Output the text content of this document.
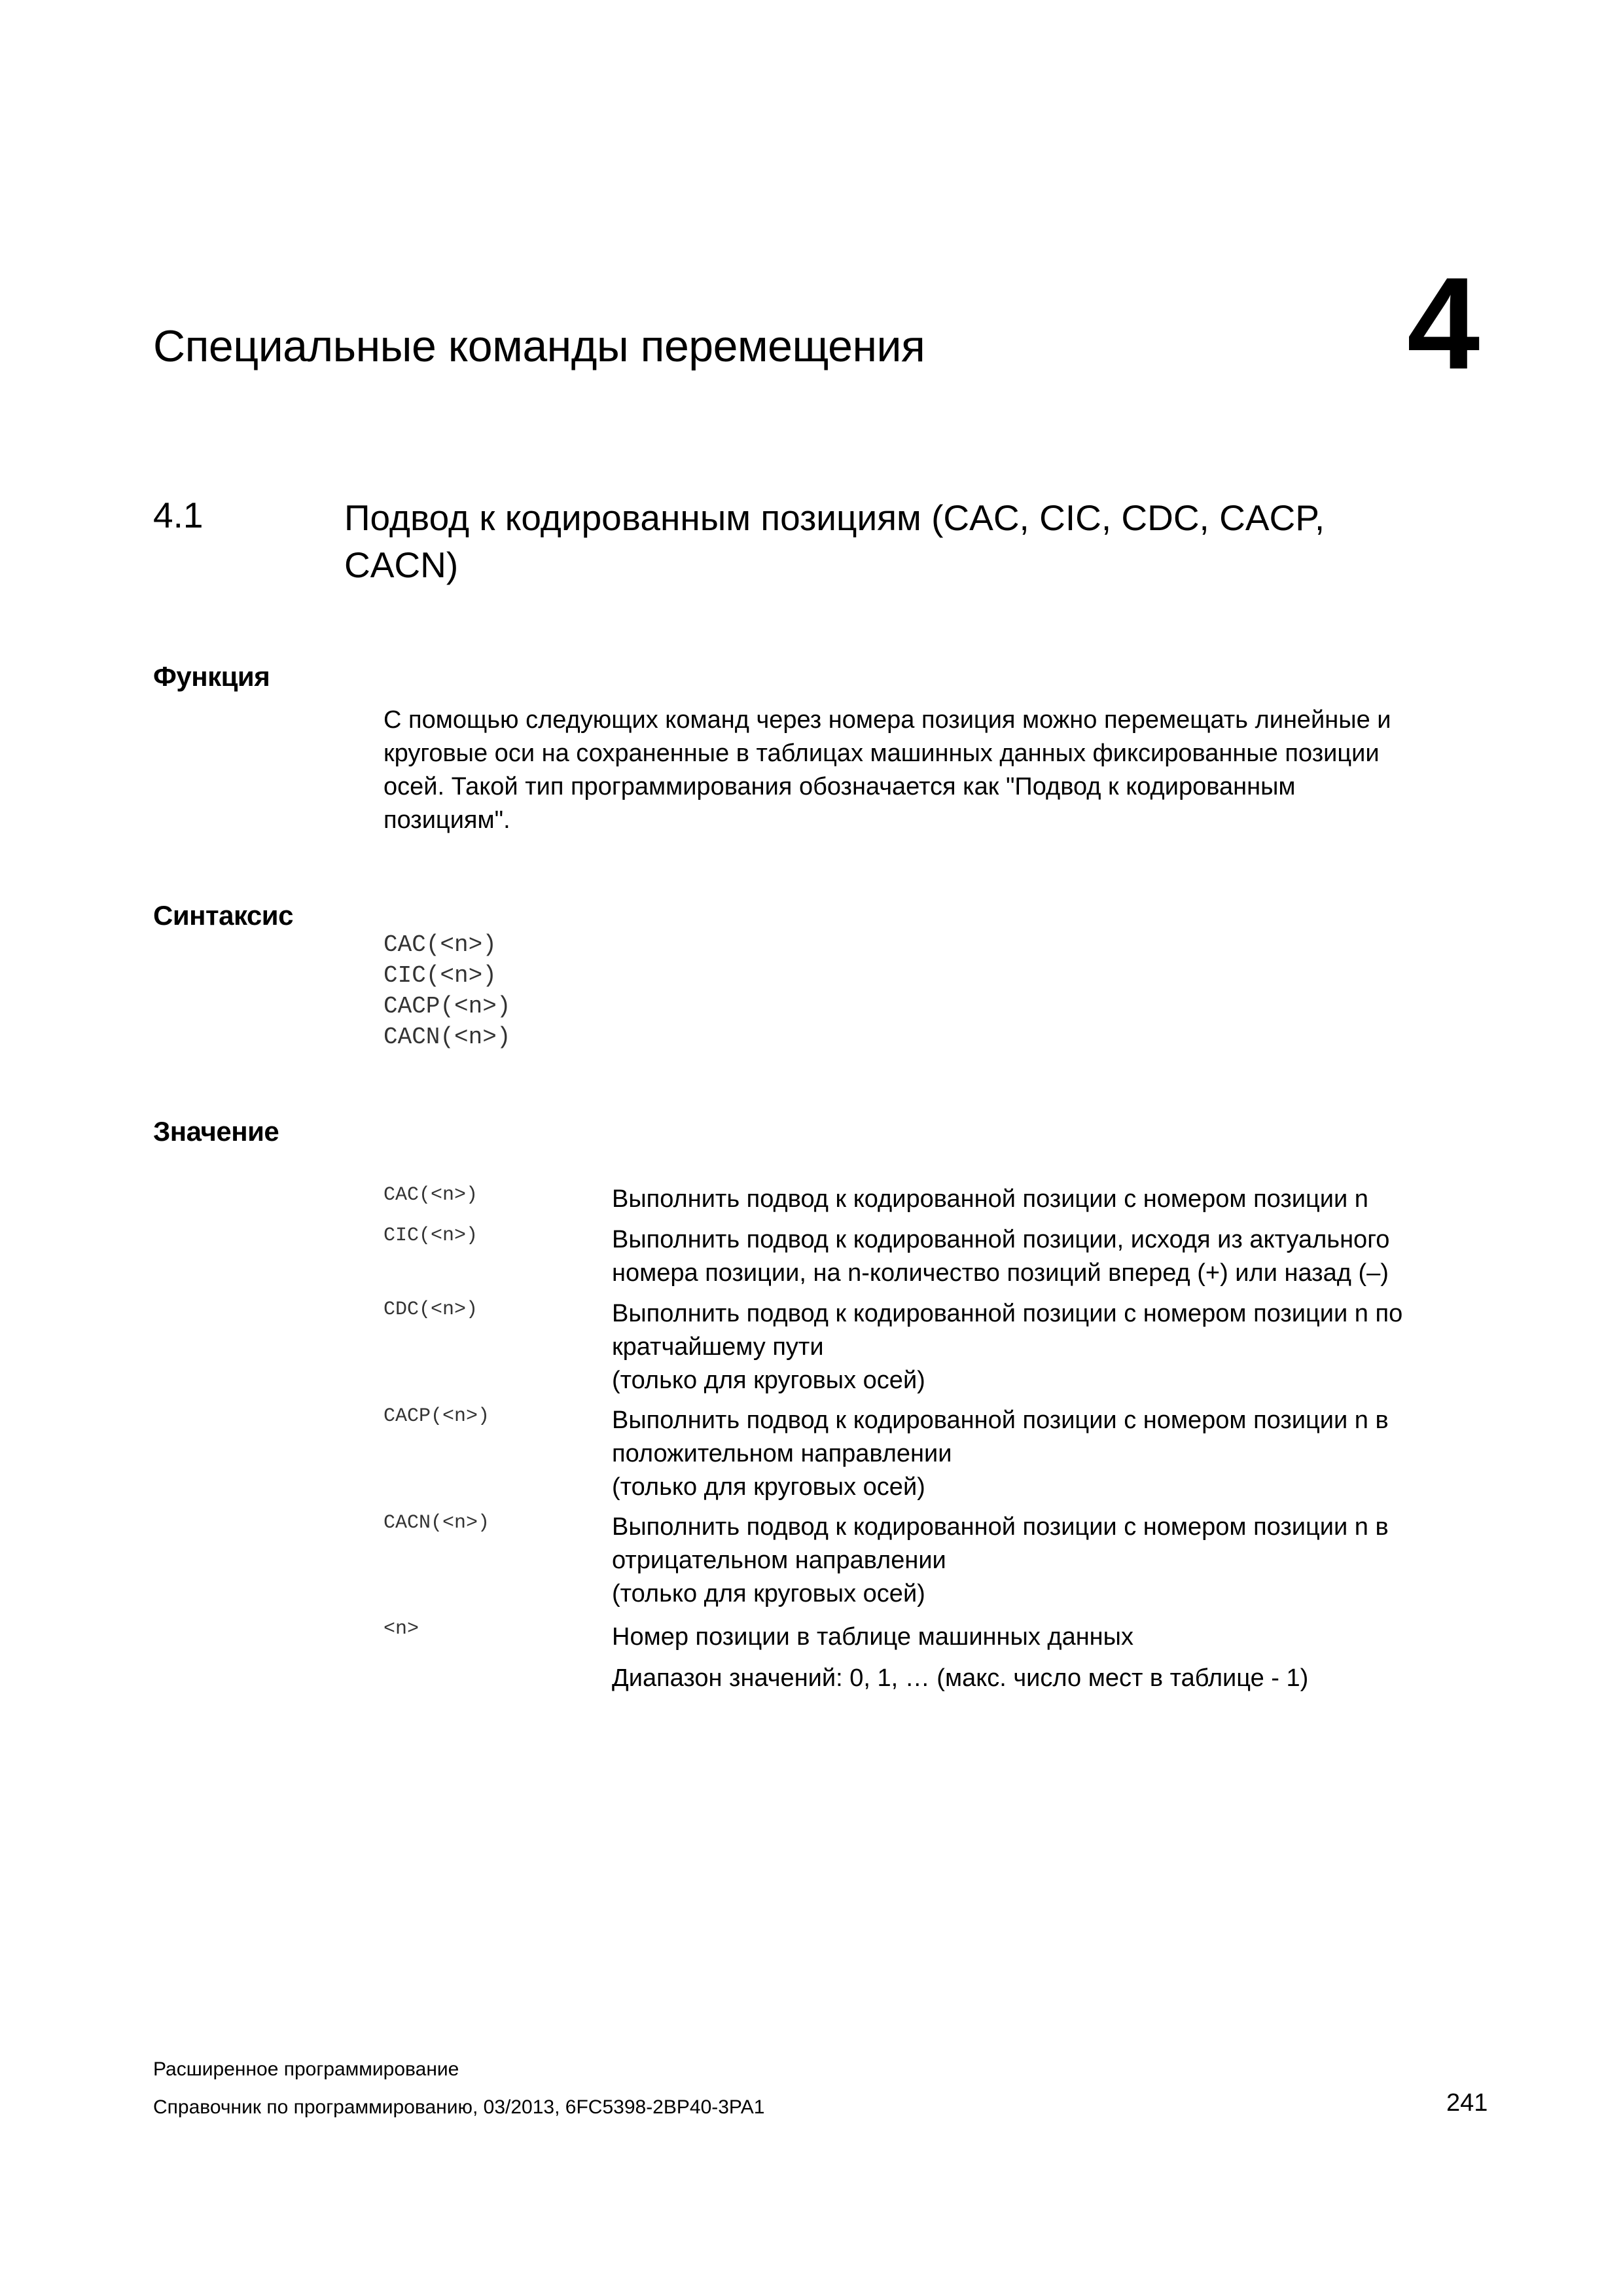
Специальные команды перемещения	4
4.1	Подвод к кодированным позициям (CAC, CIC, CDC, CACP,
CACN)
Функция
С помощью следующих команд через номера позиция можно перемещать линейные и
круговые оси на сохраненные в таблицах машинных данных фиксированные позиции
осей. Такой тип программирования обозначается как "Подвод к кодированным
позициям".
Синтаксис
CAC(<n>)
CIC(<n>)
CACP(<n>)
CACN(<n>)
Значение
CAC(<n>)	Выполнить подвод к кодированной позиции с номером позиции n
CIC(<n>)	Выполнить подвод к кодированной позиции, исходя из актуального
номера позиции, на n-количество позиций вперед (+) или назад (–)
CDC(<n>)	Выполнить подвод к кодированной позиции с номером позиции n по
кратчайшему пути
(только для круговых осей)
CACP(<n>)	Выполнить подвод к кодированной позиции с номером позиции n в
положительном направлении
(только для круговых осей)
CACN(<n>)	Выполнить подвод к кодированной позиции с номером позиции n в
отрицательном направлении
(только для круговых осей)
<n>	Номер позиции в таблице машинных данных
Диапазон значений: 0, 1, … (макс. число мест в таблице - 1)
Расширенное программирование
Справочник по программированию, 03/2013, 6FC5398-2BP40-3PA1	241
